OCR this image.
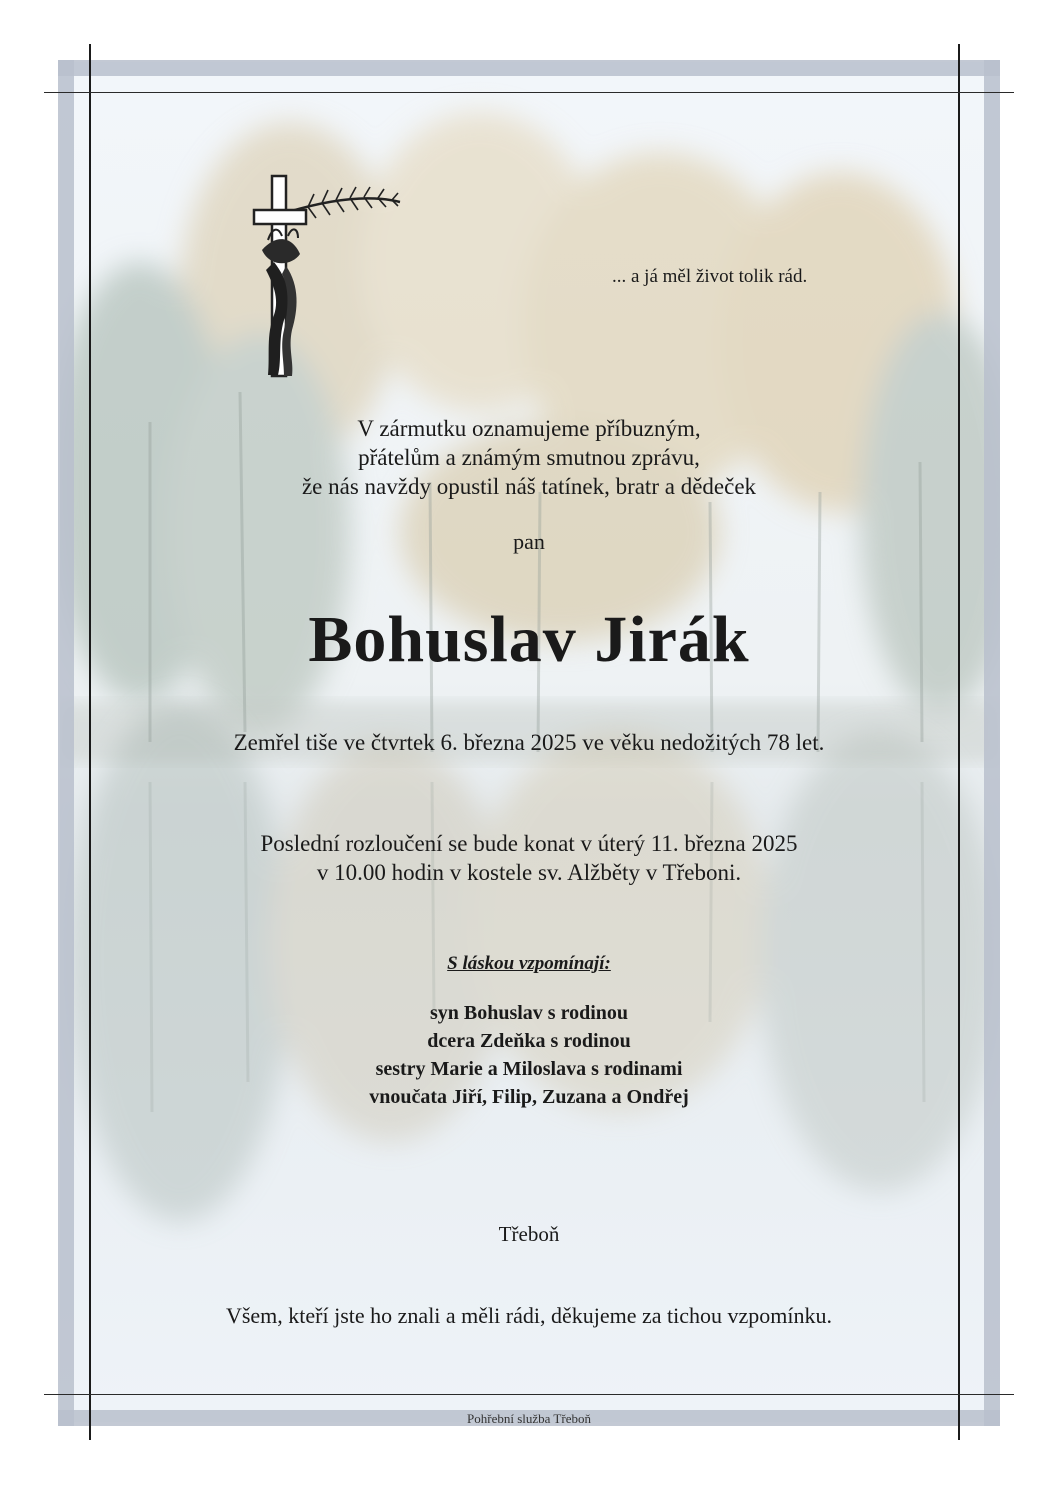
... a já měl život tolik rád.
V zármutku oznamujeme příbuzným,
přátelům a známým smutnou zprávu,
že nás navždy opustil náš tatínek, bratr a dědeček
pan
Bohuslav Jirák
Zemřel tiše ve čtvrtek 6. března 2025 ve věku nedožitých 78 let.
Poslední rozloučení se bude konat v úterý 11. března 2025
v 10.00 hodin v kostele sv. Alžběty v Třeboni.
S láskou vzpomínají:
syn Bohuslav s rodinou
dcera Zdeňka s rodinou
sestry Marie a Miloslava s rodinami
vnoučata Jiří, Filip, Zuzana a Ondřej
Třeboň
Všem, kteří jste ho znali a měli rádi, děkujeme za tichou vzpomínku.
Pohřební služba Třeboň
